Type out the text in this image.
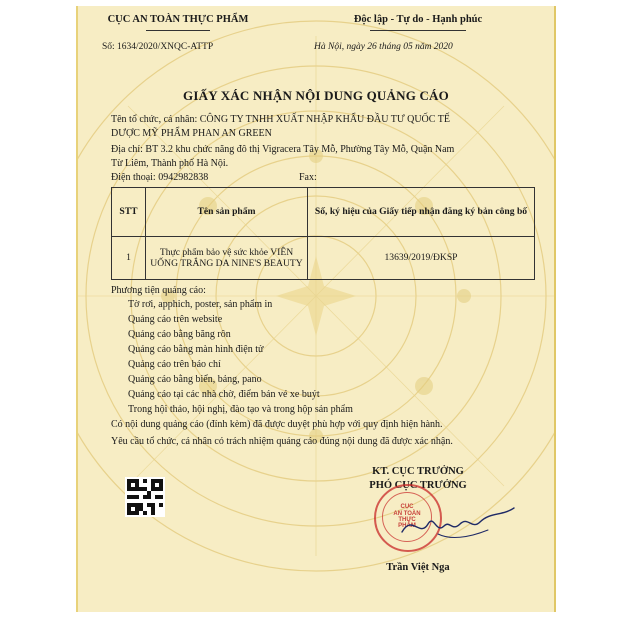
CỤC AN TOÀN THỰC PHẨM	Độc lập - Tự do - Hạnh phúc
Số: 1634/2020/XNQC-ATTP	Hà Nội, ngày 26 tháng 05 năm 2020
GIẤY XÁC NHẬN NỘI DUNG QUẢNG CÁO
Tên tổ chức, cá nhân: CÔNG TY TNHH XUẤT NHẬP KHẨU ĐẦU TƯ QUỐC TẾ
DƯỢC MỸ PHẨM PHAN AN GREEN
Địa chỉ: BT 3.2 khu chức năng đô thị Vigracera Tây Mỗ, Phường Tây Mỗ, Quận Nam
Từ Liêm, Thành phố Hà Nội.
Điện thoại: 0942982838	Fax:
STT	Tên sản phẩm	Số, ký hiệu của Giấy tiếp nhận đăng ký bản công bố
1	Thực phẩm bảo vệ sức khỏe VIÊN UỐNG TRẮNG DA NINE'S BEAUTY	13639/2019/ĐKSP
Phương tiện quảng cáo:
Tờ rơi, apphich, poster, sản phẩm in
Quảng cáo trên website
Quảng cáo bằng băng rôn
Quảng cáo bằng màn hình điện tử
Quảng cáo trên báo chí
Quảng cáo bằng biển, bảng, pano
Quảng cáo tại các nhà chờ, điểm bán vé xe buýt
Trong hội thảo, hội nghị, đào tạo và trong hộp sản phẩm
Có nội dung quảng cáo (đính kèm) đã được duyệt phù hợp với quy định hiện hành.
Yêu cầu tổ chức, cá nhân có trách nhiệm quảng cáo đúng nội dung đã được xác nhận.
KT. CỤC TRƯỞNG
PHÓ CỤC TRƯỞNG
CỤC
AN TOÀN
THỰC
PHẨM
Trần Việt Nga
